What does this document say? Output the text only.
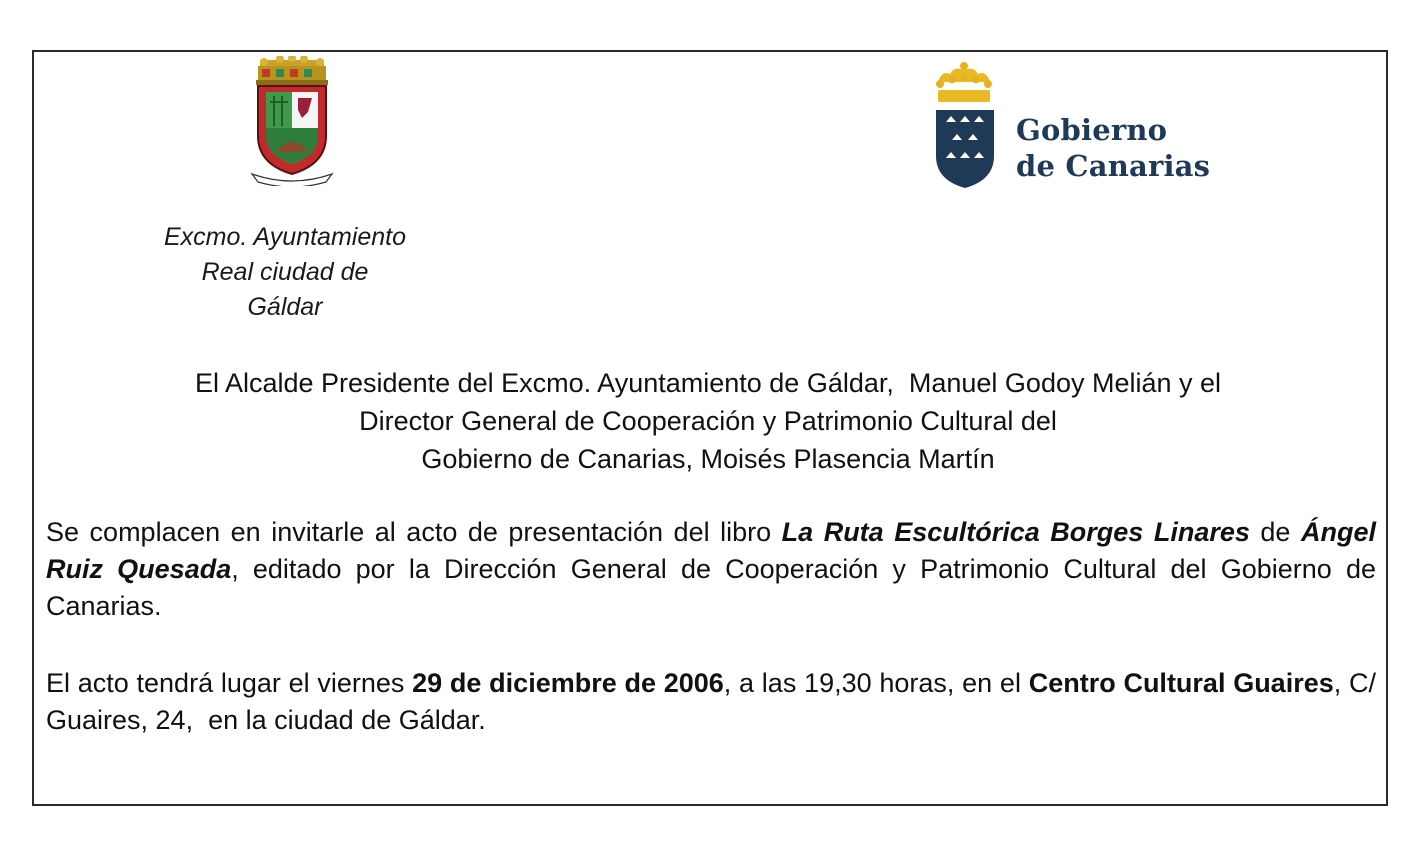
Gobierno
de Canarias
Excmo. Ayuntamiento
Real ciudad de
Gáldar
El Alcalde Presidente del Excmo. Ayuntamiento de Gáldar,  Manuel Godoy Melián y el
Director General de Cooperación y Patrimonio Cultural del
Gobierno de Canarias, Moisés Plasencia Martín
Se complacen en invitarle al acto de presentación del libro La Ruta Escultórica Borges Linares de Ángel Ruiz Quesada, editado por la Dirección General de Cooperación y Patrimonio Cultural del Gobierno de Canarias.
El acto tendrá lugar el viernes 29 de diciembre de 2006, a las 19,30 horas, en el Centro Cultural Guaires, C/ Guaires, 24,  en la ciudad de Gáldar.
